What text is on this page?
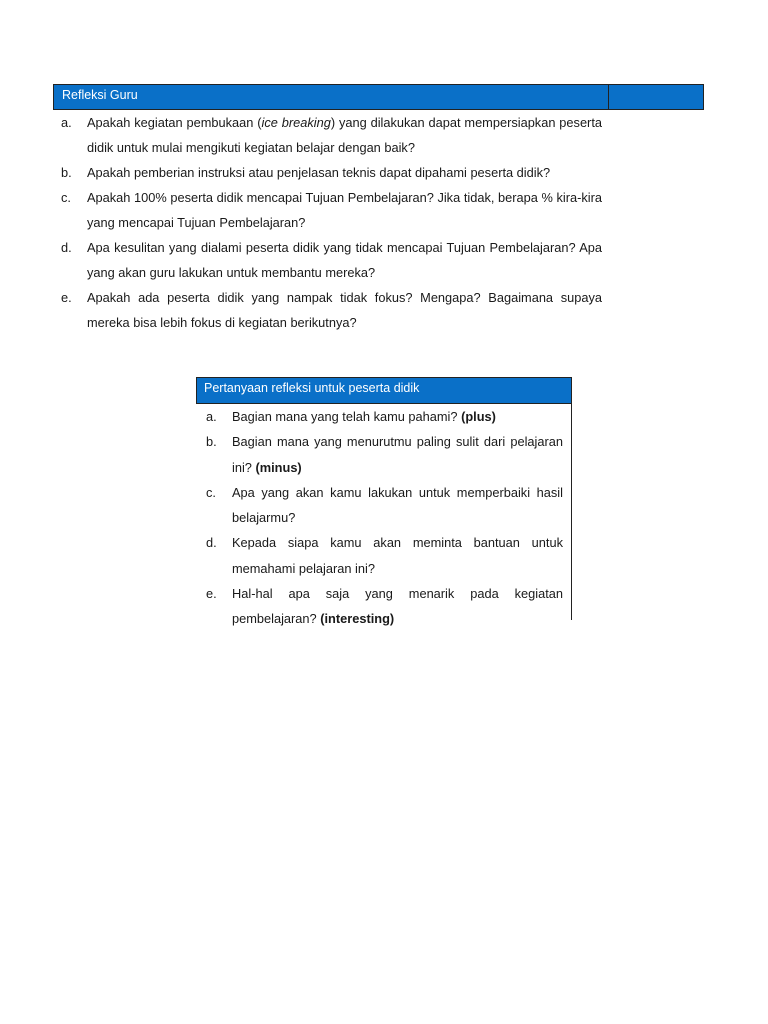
Refleksi Guru
a.	Apakah kegiatan pembukaan (ice breaking) yang dilakukan dapat mempersiapkan peserta didik untuk mulai mengikuti kegiatan belajar dengan baik?
b.	Apakah pemberian instruksi atau penjelasan teknis dapat dipahami peserta didik?
c.	Apakah 100% peserta didik mencapai Tujuan Pembelajaran? Jika tidak, berapa % kira-kira yang mencapai Tujuan Pembelajaran?
d.	Apa kesulitan yang dialami peserta didik yang tidak mencapai Tujuan Pembelajaran? Apa yang akan guru lakukan untuk membantu mereka?
e.	Apakah ada peserta didik yang nampak tidak fokus? Mengapa? Bagaimana supaya mereka bisa lebih fokus di kegiatan berikutnya?
Pertanyaan refleksi untuk peserta didik
a.	Bagian mana yang telah kamu pahami? (plus)
b.	Bagian mana yang menurutmu paling sulit dari pelajaran ini? (minus)
c.	Apa yang akan kamu lakukan untuk memperbaiki hasil belajarmu?
d.	Kepada siapa kamu akan meminta bantuan untuk memahami pelajaran ini?
e.	Hal-hal apa saja yang menarik pada kegiatan pembelajaran? (interesting)
